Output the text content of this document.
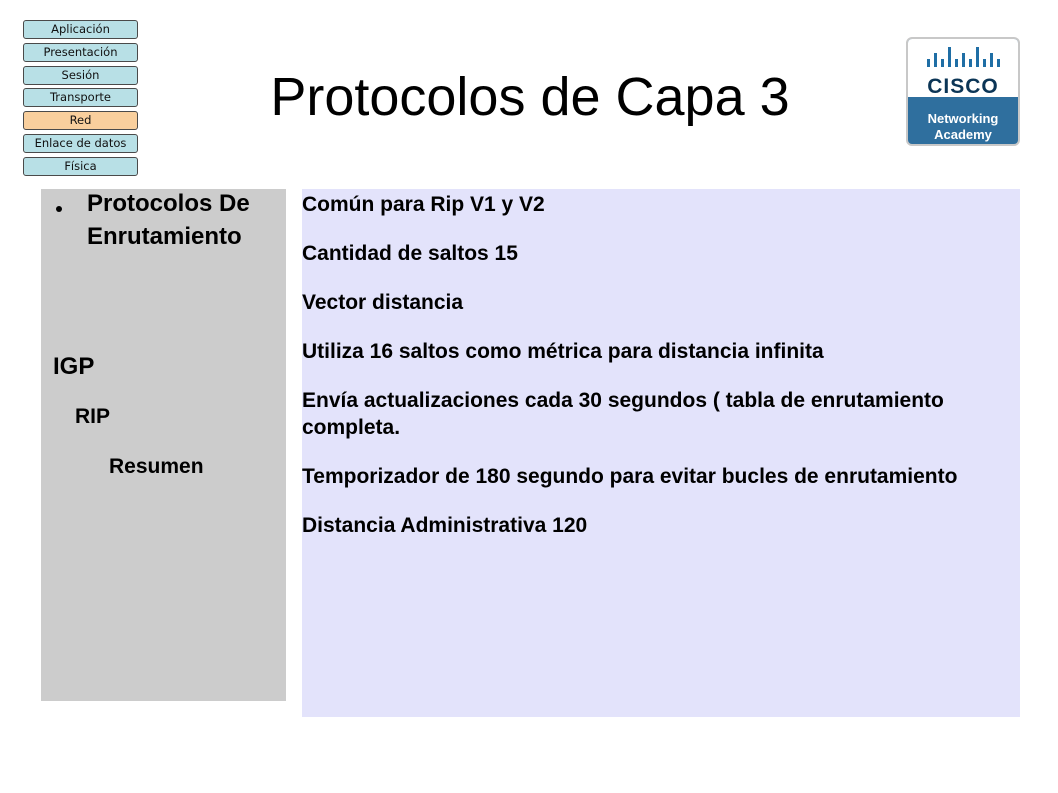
Aplicación
Presentación
Sesión
Transporte
Red
Enlace de datos
Física
Protocolos de Capa 3	CISCO
Networking
Academy
Protocolos De Enrutamiento
IGP
RIP
Resumen
Común para Rip V1 y V2
Cantidad de saltos 15
Vector distancia
Utiliza 16 saltos como métrica para distancia infinita
Envía actualizaciones cada 30 segundos ( tabla de enrutamiento completa.
Temporizador de 180 segundo para evitar bucles de enrutamiento
Distancia Administrativa 120
